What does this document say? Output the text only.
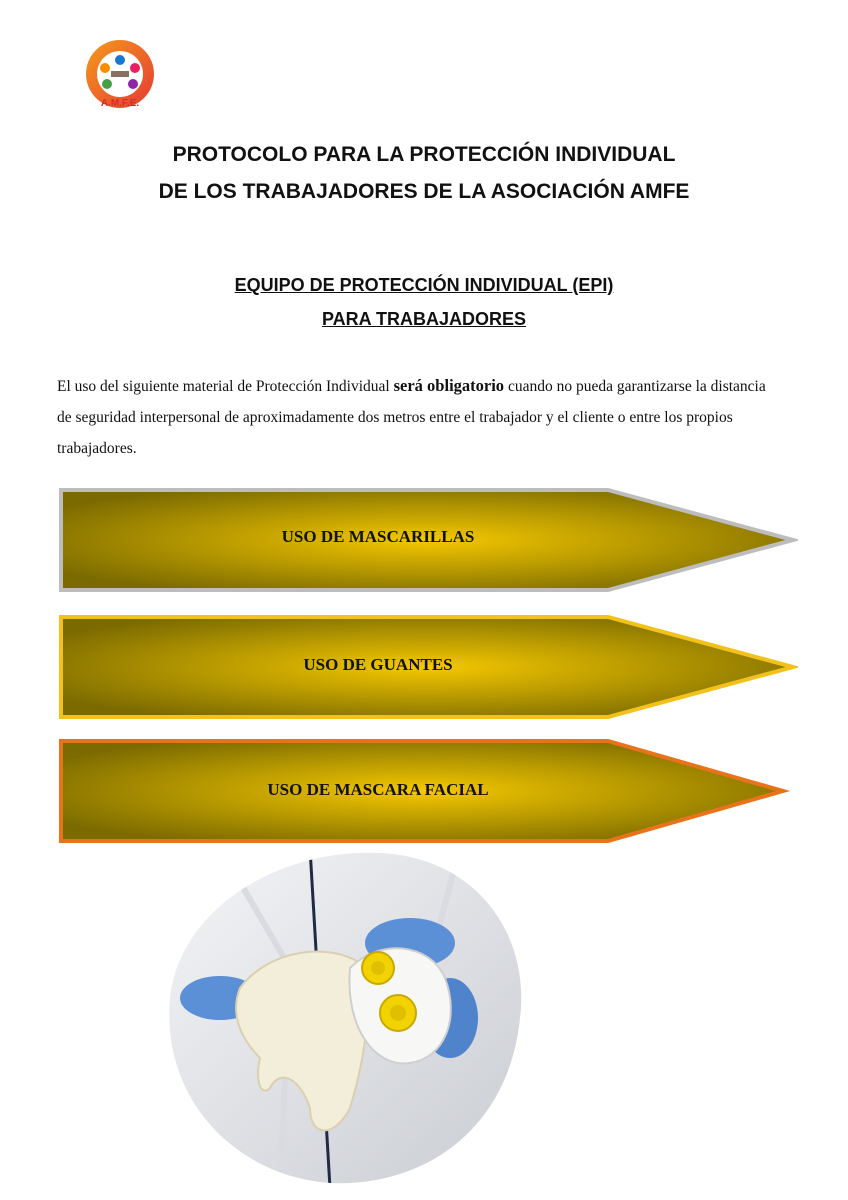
A.M.F.E.
PROTOCOLO PARA LA PROTECCIÓN INDIVIDUAL
DE LOS TRABAJADORES DE LA ASOCIACIÓN AMFE
EQUIPO DE PROTECCIÓN INDIVIDUAL (EPI)
PARA TRABAJADORES
El uso del siguiente material de Protección Individual será obligatorio cuando no pueda garantizarse la distancia de seguridad interpersonal de aproximadamente dos metros entre el trabajador y el cliente o entre los propios trabajadores.
USO DE MASCARILLAS
USO DE GUANTES
USO DE MASCARA FACIAL
